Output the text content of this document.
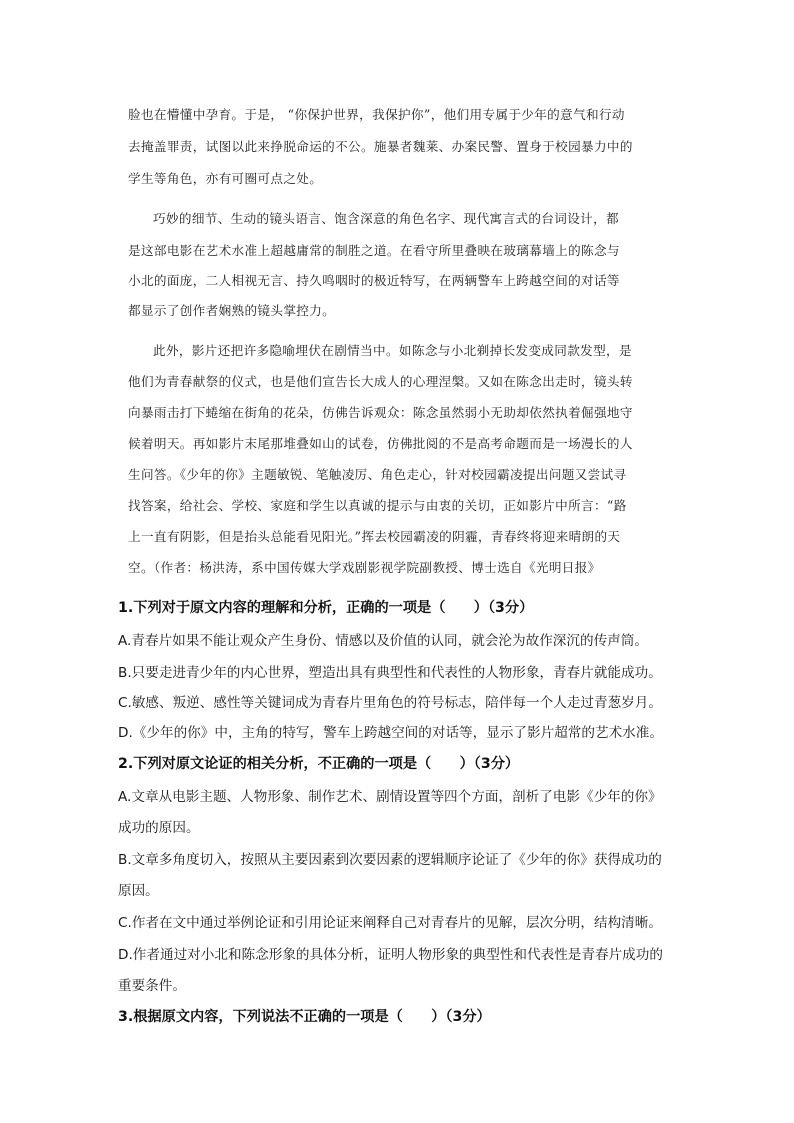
脸也在懵懂中孕育。于是， “你保护世界，我保护你”，他们用专属于少年的意气和行动
去掩盖罪责，试图以此来挣脱命运的不公。施暴者魏莱、办案民警、置身于校园暴力中的
学生等角色，亦有可圈可点之处。
巧妙的细节、生动的镜头语言、饱含深意的角色名字、现代寓言式的台词设计，都
是这部电影在艺术水准上超越庸常的制胜之道。在看守所里叠映在玻璃幕墙上的陈念与
小北的面庞，二人相视无言、持久鸣咽时的极近特写，在两辆警车上跨越空间的对话等
都显示了创作者娴熟的镜头掌控力。
此外，影片还把许多隐喻埋伏在剧情当中。如陈念与小北剃掉长发变成同款发型，是
他们为青春献祭的仪式，也是他们宣告长大成人的心理涅槃。又如在陈念出走时，镜头转
向暴雨击打下蜷缩在街角的花朵，仿佛告诉观众：陈念虽然弱小无助却依然执着倔强地守
候着明天。再如影片末尾那堆叠如山的试卷，仿佛批阅的不是高考命题而是一场漫长的人
生问答。《少年的你》主题敏锐、笔触凌厉、角色走心，针对校园霸凌提出问题又尝试寻
找答案，给社会、学校、家庭和学生以真诚的提示与由衷的关切，正如影片中所言：“路
上一直有阴影，但是抬头总能看见阳光。”挥去校园霸凌的阴霾，青春终将迎来晴朗的天
空。（作者：杨洪涛，系中国传媒大学戏剧影视学院副教授、博士选自《光明日报》
1.下列对于原文内容的理解和分析，正确的一项是（　　）（3分）
A.青春片如果不能让观众产生身份、情感以及价值的认同，就会沦为故作深沉的传声筒。
B.只要走进青少年的内心世界，塑造出具有典型性和代表性的人物形象，青春片就能成功。
C.敏感、叛逆、感性等关键词成为青春片里角色的符号标志，陪伴每一个人走过青葱岁月。
D.《少年的你》中，主角的特写，警车上跨越空间的对话等，显示了影片超常的艺术水准。
2.下列对原文论证的相关分析，不正确的一项是（　　）（3分）
A.文章从电影主题、人物形象、制作艺术、剧情设置等四个方面，剖析了电影《少年的你》
成功的原因。
B.文章多角度切入，按照从主要因素到次要因素的逻辑顺序论证了《少年的你》获得成功的
原因。
C.作者在文中通过举例论证和引用论证来阐释自己对青春片的见解，层次分明，结构清晰。
D.作者通过对小北和陈念形象的具体分析，证明人物形象的典型性和代表性是青春片成功的
重要条件。
3.根据原文内容，下列说法不正确的一项是（　　）（3分）
